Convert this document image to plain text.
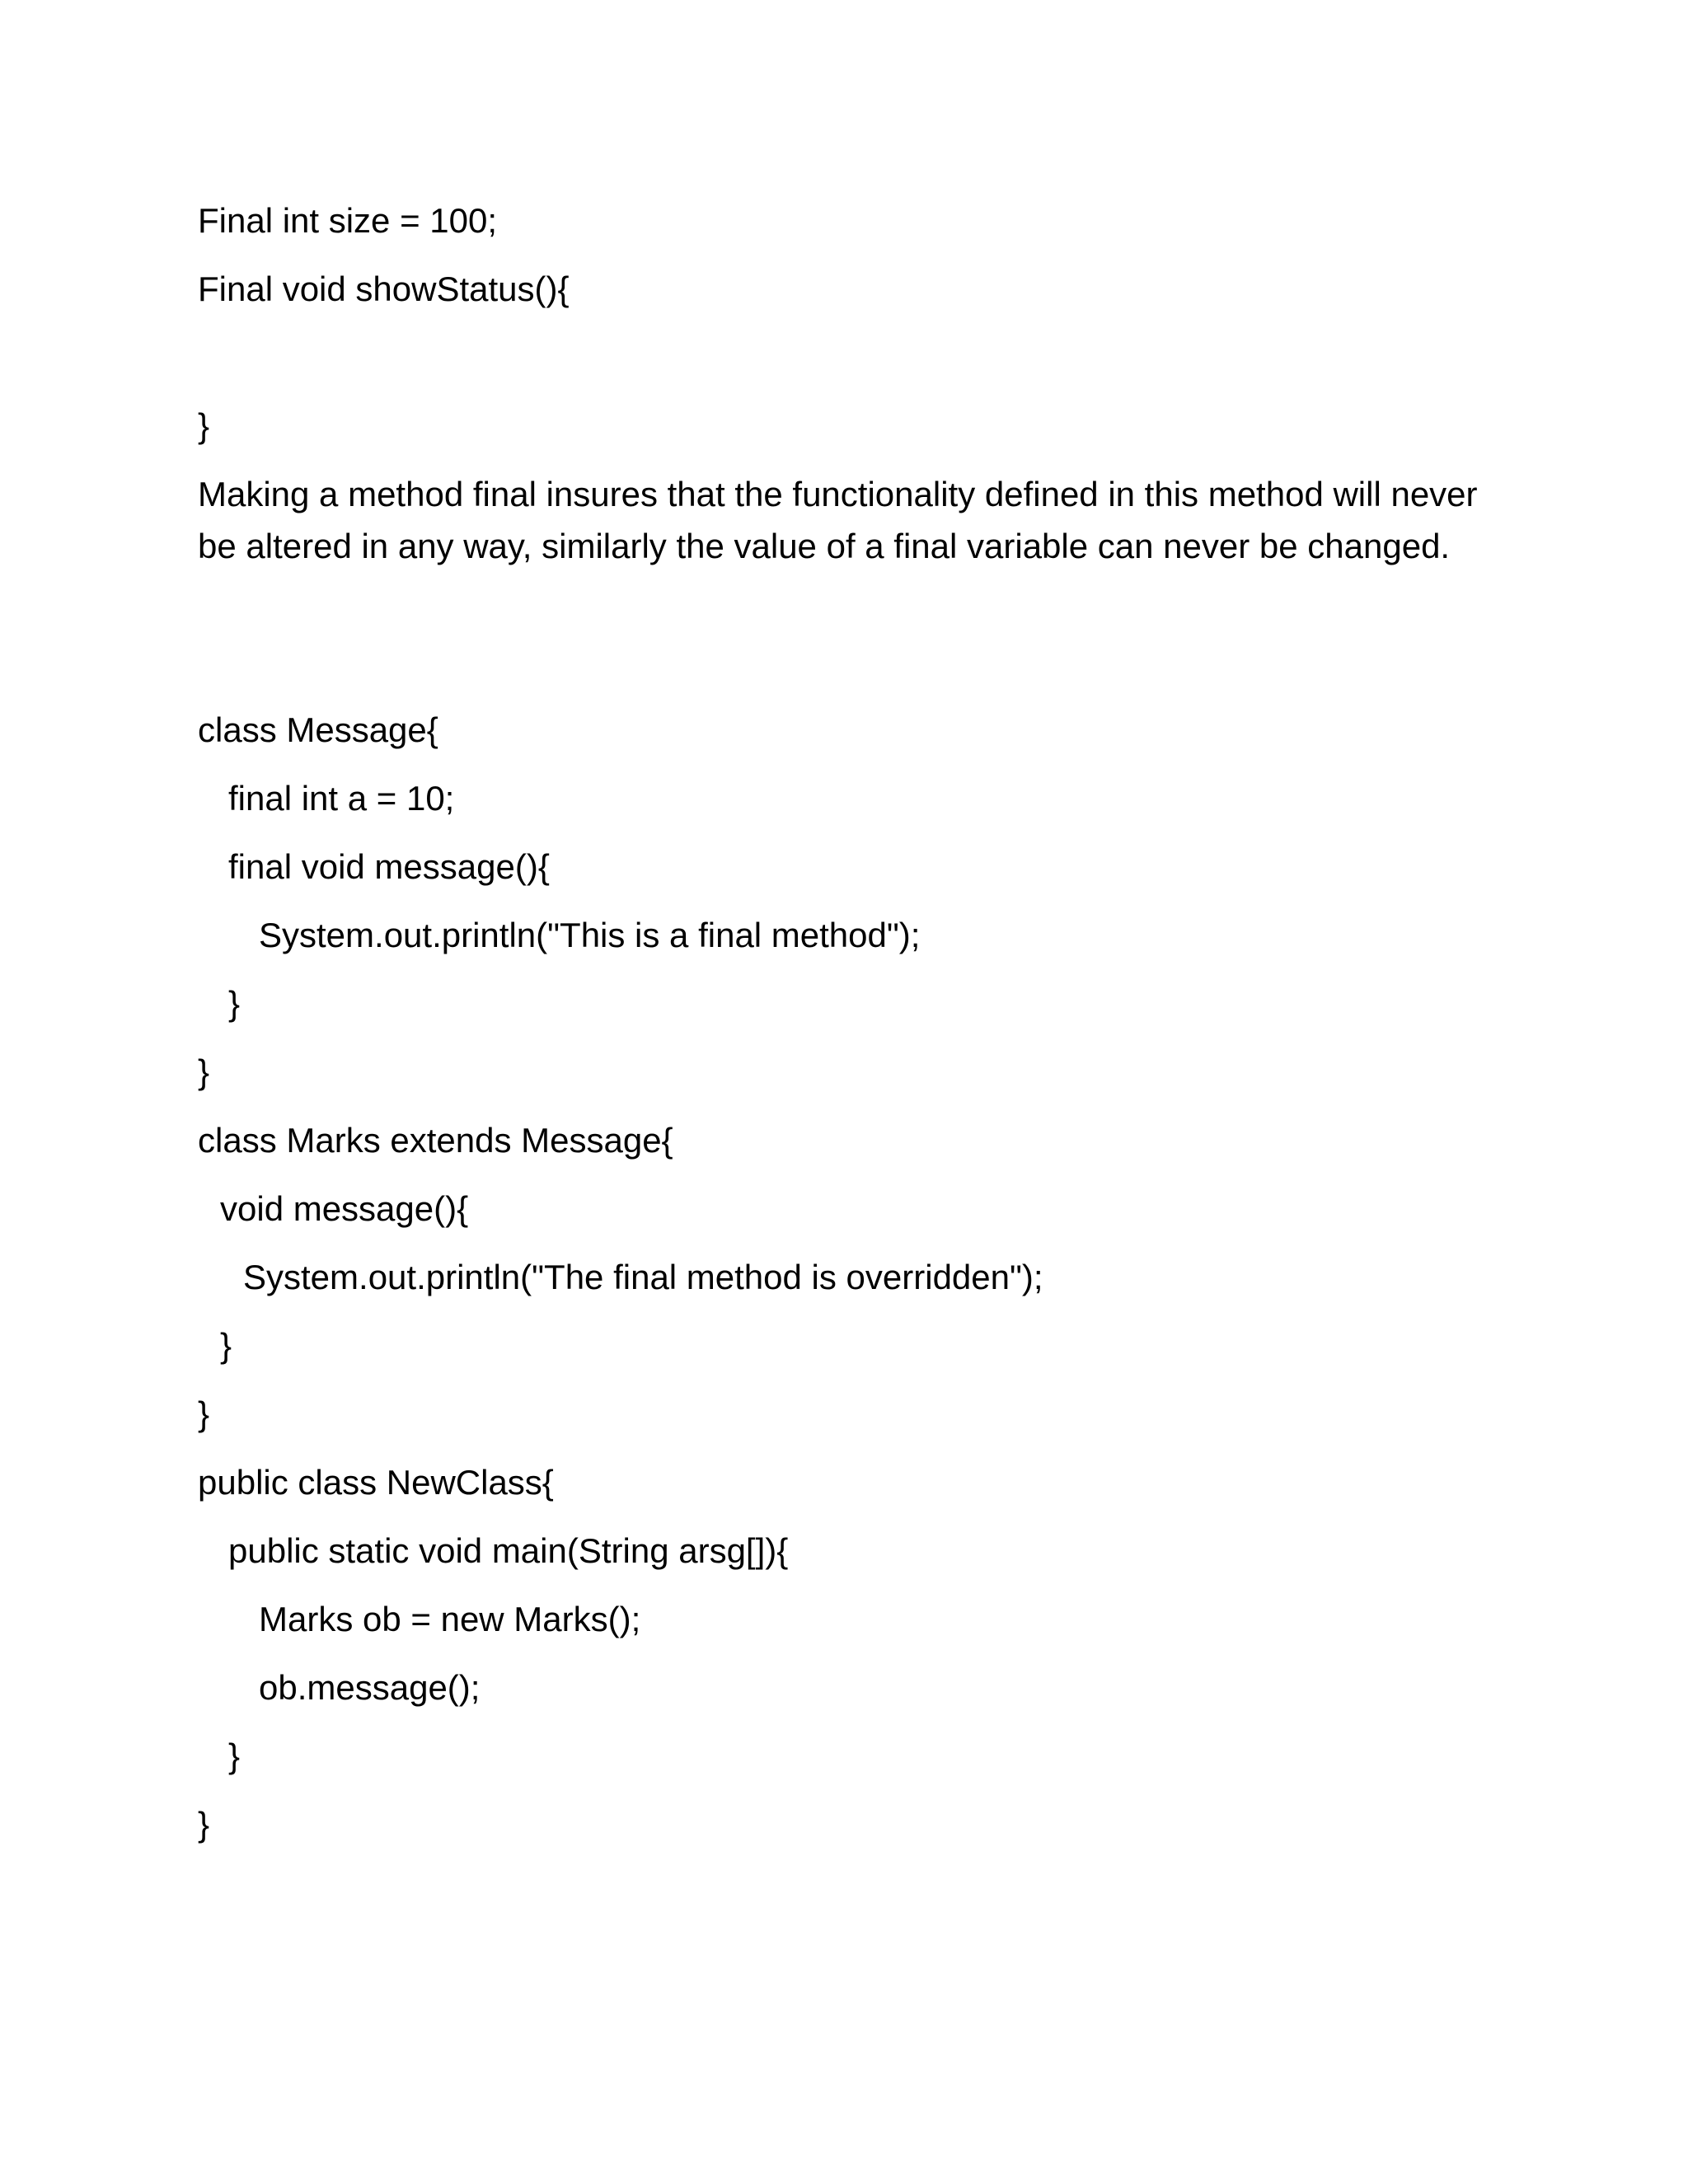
Final int size = 100;
Final void showStatus(){
}
Making a method final insures that the functionality defined in this method will never be altered in any way, similarly the value of a final variable can never be changed.
class Message{
final int a = 10;
final void message(){
System.out.println("This is a final method");
}
}
class Marks extends Message{
void message(){
System.out.println("The final method is overridden");
}
}
public class NewClass{
public static void main(String arsg[]){
Marks ob = new Marks();
ob.message();
}
}
